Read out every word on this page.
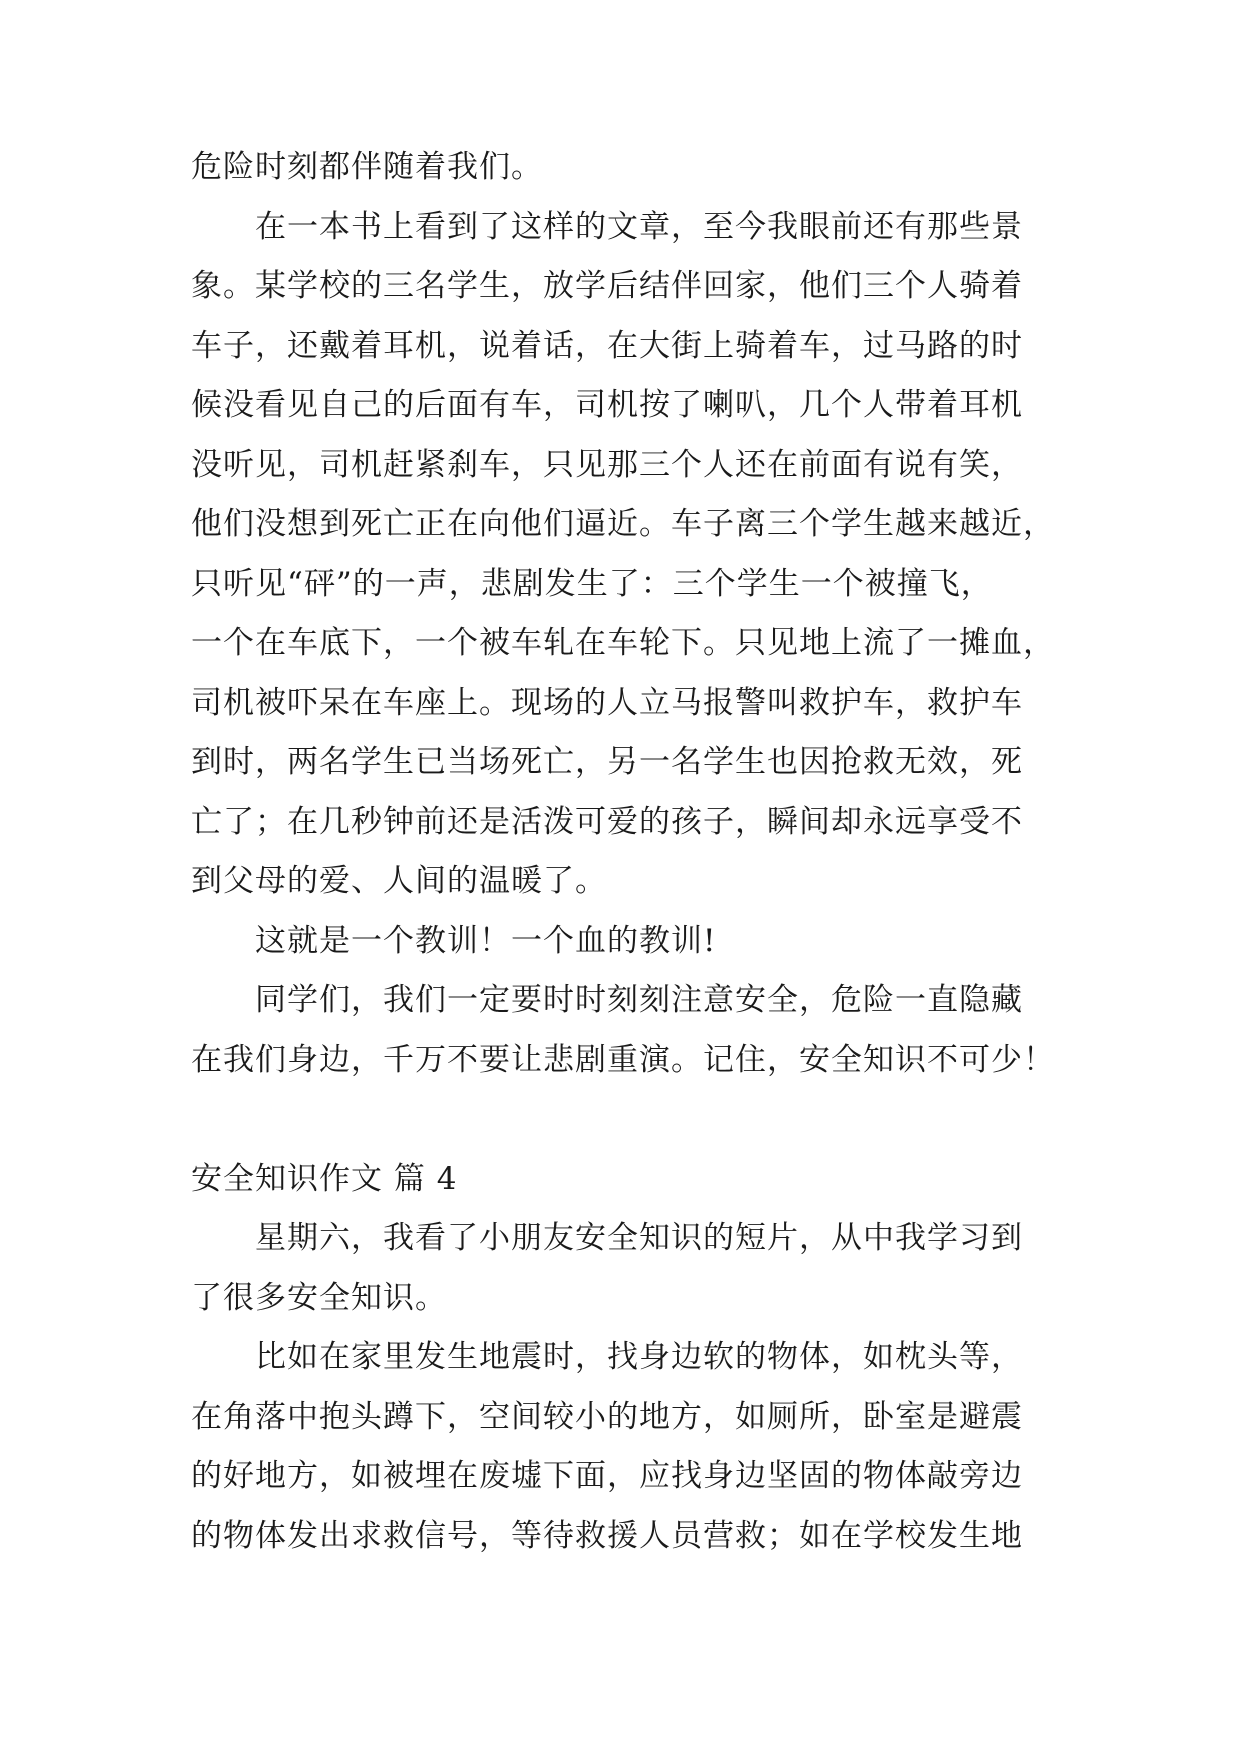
危险时刻都伴随着我们。
在一本书上看到了这样的文章，至今我眼前还有那些景
象。某学校的三名学生，放学后结伴回家，他们三个人骑着
车子，还戴着耳机，说着话，在大街上骑着车，过马路的时
候没看见自己的后面有车，司机按了喇叭，几个人带着耳机
没听见，司机赶紧刹车，只见那三个人还在前面有说有笑，
他们没想到死亡正在向他们逼近。车子离三个学生越来越近，
只听见“砰”的一声，悲剧发生了：三个学生一个被撞飞，
一个在车底下，一个被车轧在车轮下。只见地上流了一摊血，
司机被吓呆在车座上。现场的人立马报警叫救护车，救护车
到时，两名学生已当场死亡，另一名学生也因抢救无效，死
亡了；在几秒钟前还是活泼可爱的孩子，瞬间却永远享受不
到父母的爱、人间的温暖了。
这就是一个教训！一个血的教训!
同学们，我们一定要时时刻刻注意安全，危险一直隐藏
在我们身边，千万不要让悲剧重演。记住，安全知识不可少！
安全知识作文 篇 4
星期六，我看了小朋友安全知识的短片，从中我学习到
了很多安全知识。
比如在家里发生地震时，找身边软的物体，如枕头等，
在角落中抱头蹲下，空间较小的地方，如厕所，卧室是避震
的好地方，如被埋在废墟下面，应找身边坚固的物体敲旁边
的物体发出求救信号，等待救援人员营救；如在学校发生地
